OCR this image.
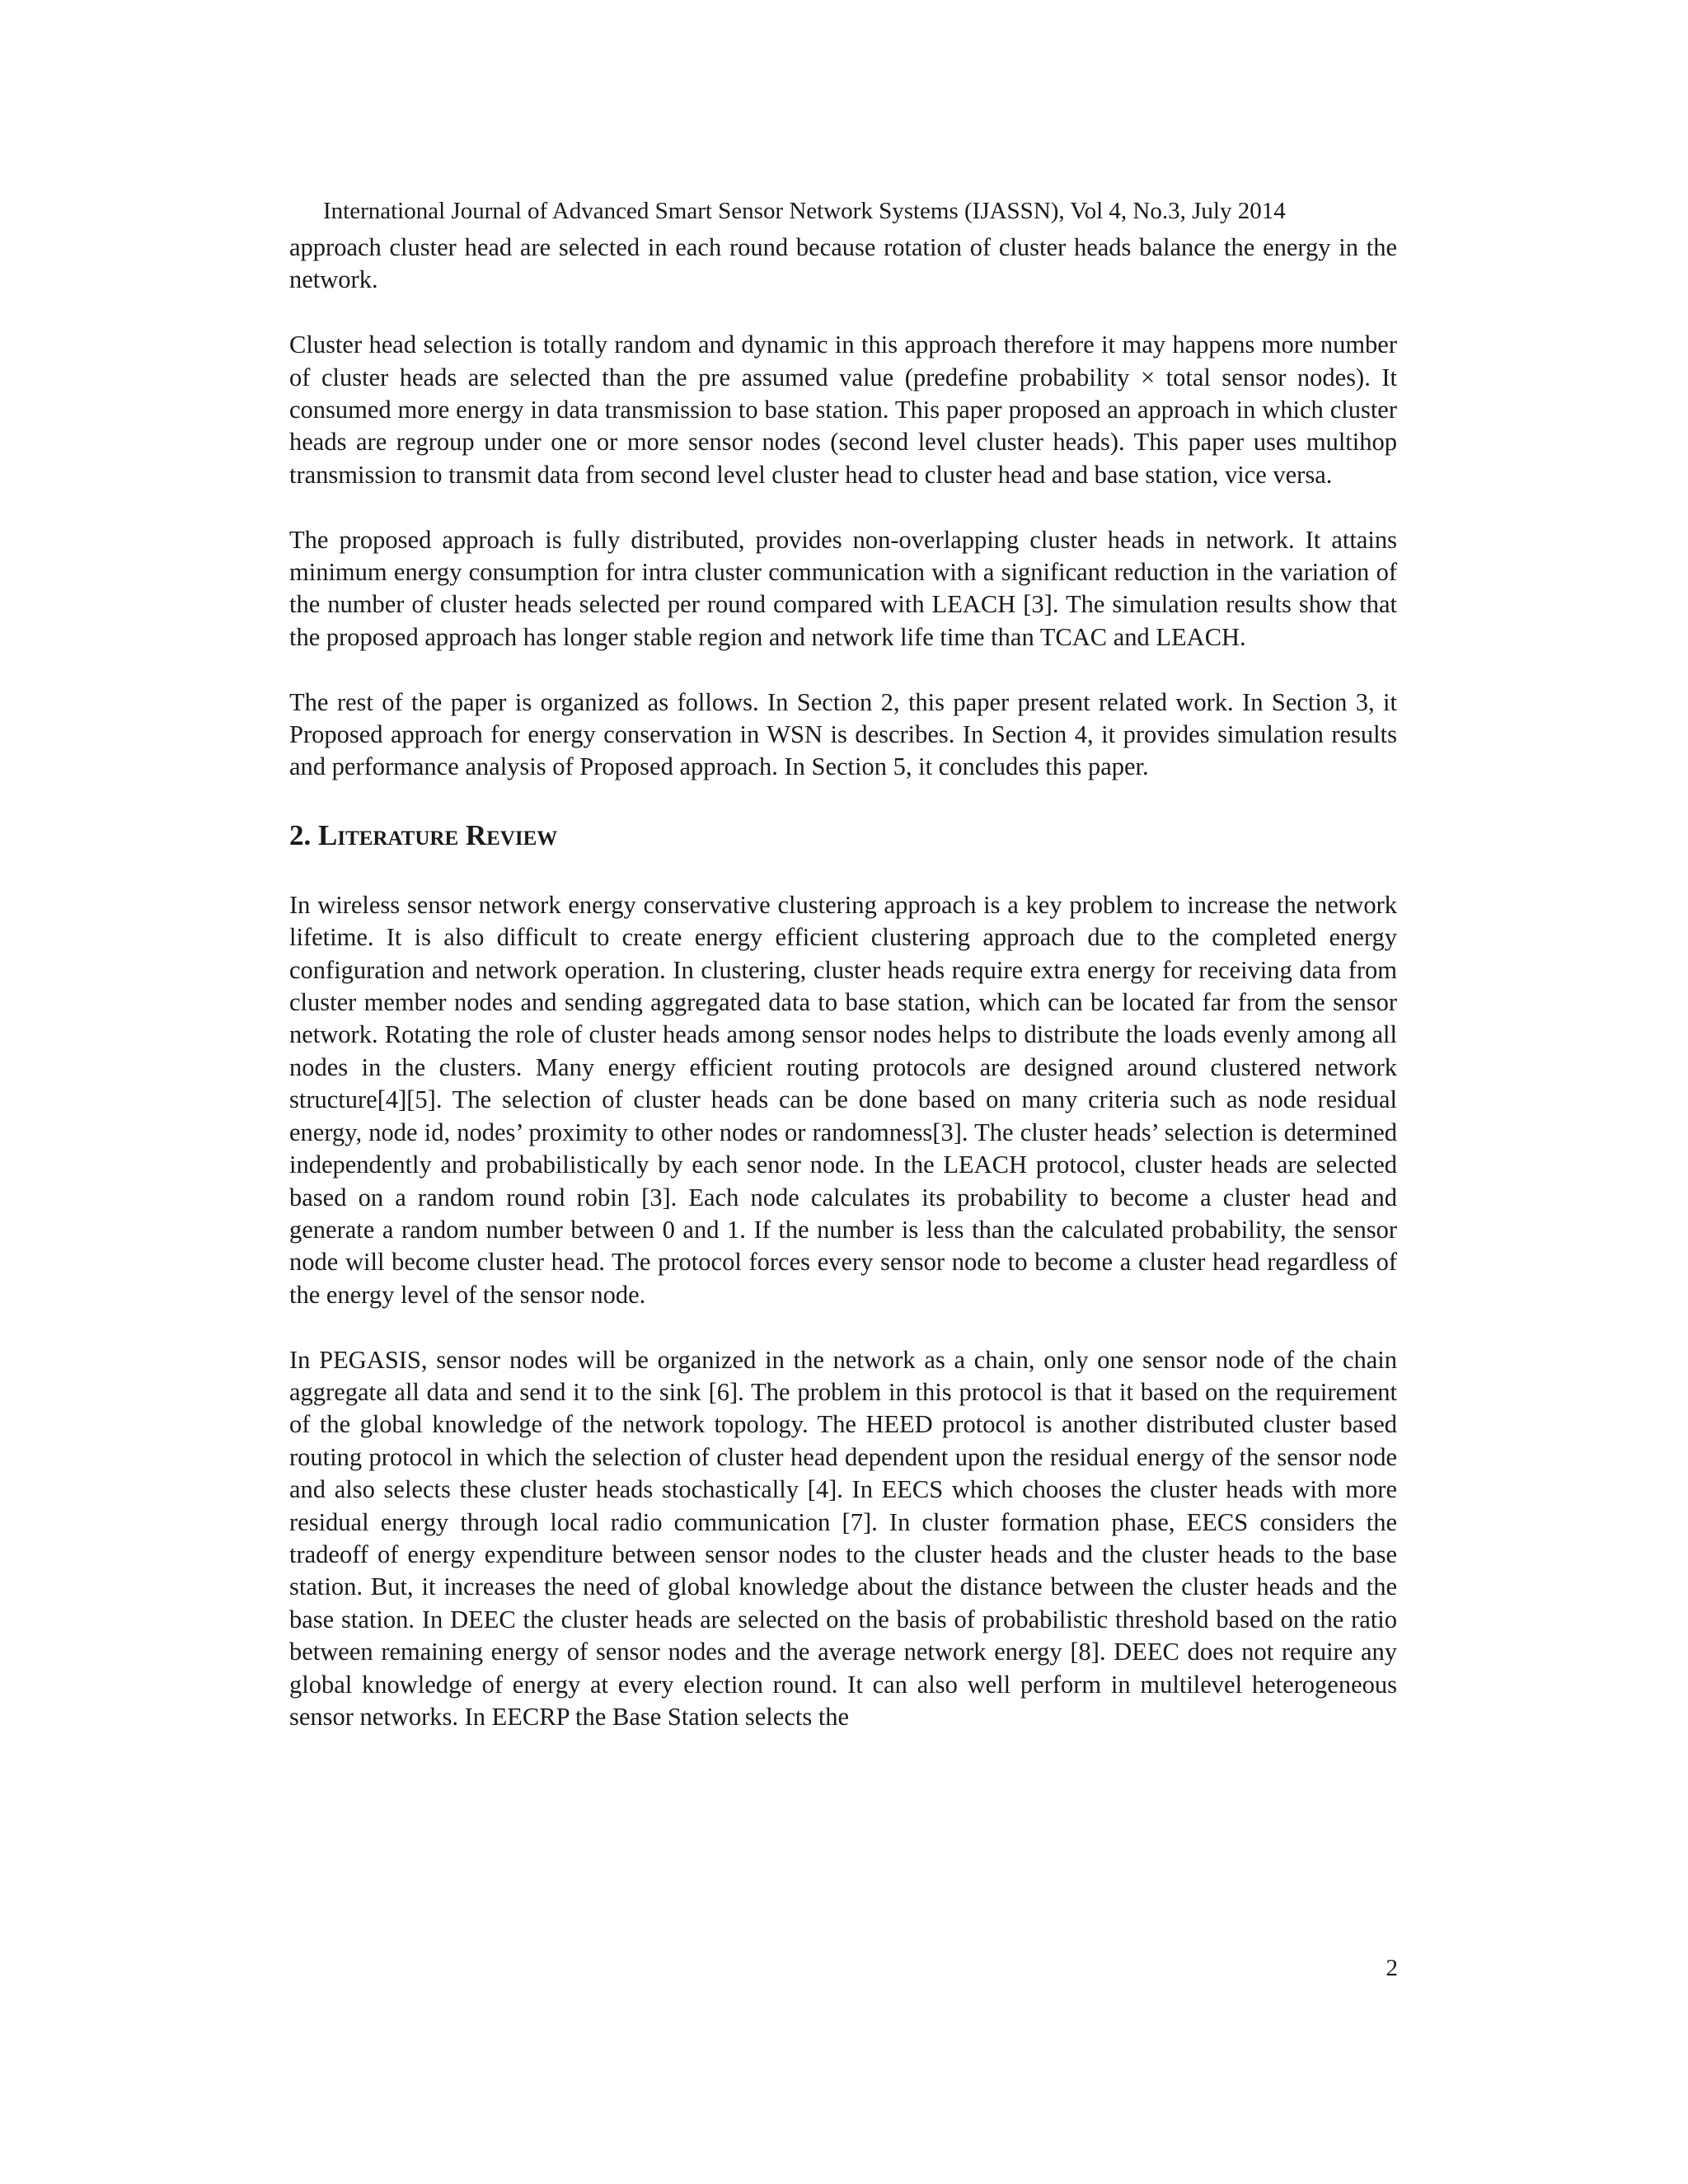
International Journal of Advanced Smart Sensor Network Systems (IJASSN), Vol 4, No.3, July 2014

approach cluster head are selected in each round because rotation of cluster heads balance the energy in the network.

Cluster head selection is totally random and dynamic in this approach therefore it may happens more number of cluster heads are selected than the pre assumed value (predefine probability × total sensor nodes). It consumed more energy in data transmission to base station. This paper proposed an approach in which cluster heads are regroup under one or more sensor nodes (second level cluster heads). This paper uses multihop transmission to transmit data from second level cluster head to cluster head and base station, vice versa.

The proposed approach is fully distributed, provides non-overlapping cluster heads in network. It attains minimum energy consumption for intra cluster communication with a significant reduction in the variation of the number of cluster heads selected per round compared with LEACH [3]. The simulation results show that the proposed approach has longer stable region and network life time than TCAC and LEACH.

The rest of the paper is organized as follows. In Section 2, this paper present related work. In Section 3, it Proposed approach for energy conservation in WSN is describes. In Section 4, it provides simulation results and performance analysis of Proposed approach. In Section 5, it concludes this paper.

2. Literature Review

In wireless sensor network energy conservative clustering approach is a key problem to increase the network lifetime. It is also difficult to create energy efficient clustering approach due to the completed energy configuration and network operation. In clustering, cluster heads require extra energy for receiving data from cluster member nodes and sending aggregated data to base station, which can be located far from the sensor network. Rotating the role of cluster heads among sensor nodes helps to distribute the loads evenly among all nodes in the clusters. Many energy efficient routing protocols are designed around clustered network structure[4][5]. The selection of cluster heads can be done based on many criteria such as node residual energy, node id, nodes’ proximity to other nodes or randomness[3]. The cluster heads’ selection is determined independently and probabilistically by each senor node. In the LEACH protocol, cluster heads are selected based on a random round robin [3]. Each node calculates its probability to become a cluster head and generate a random number between 0 and 1. If the number is less than the calculated probability, the sensor node will become cluster head. The protocol forces every sensor node to become a cluster head regardless of the energy level of the sensor node.

In PEGASIS, sensor nodes will be organized in the network as a chain, only one sensor node of the chain aggregate all data and send it to the sink [6]. The problem in this protocol is that it based on the requirement of the global knowledge of the network topology. The HEED protocol is another distributed cluster based routing protocol in which the selection of cluster head dependent upon the residual energy of the sensor node and also selects these cluster heads stochastically [4]. In EECS which chooses the cluster heads with more residual energy through local radio communication [7]. In cluster formation phase, EECS considers the tradeoff of energy expenditure between sensor nodes to the cluster heads and the cluster heads to the base station. But, it increases the need of global knowledge about the distance between the cluster heads and the base station. In DEEC the cluster heads are selected on the basis of probabilistic threshold based on the ratio between remaining energy of sensor nodes and the average network energy [8]. DEEC does not require any global knowledge of energy at every election round. It can also well perform in multilevel heterogeneous sensor networks. In EECRP the Base Station selects the

2
